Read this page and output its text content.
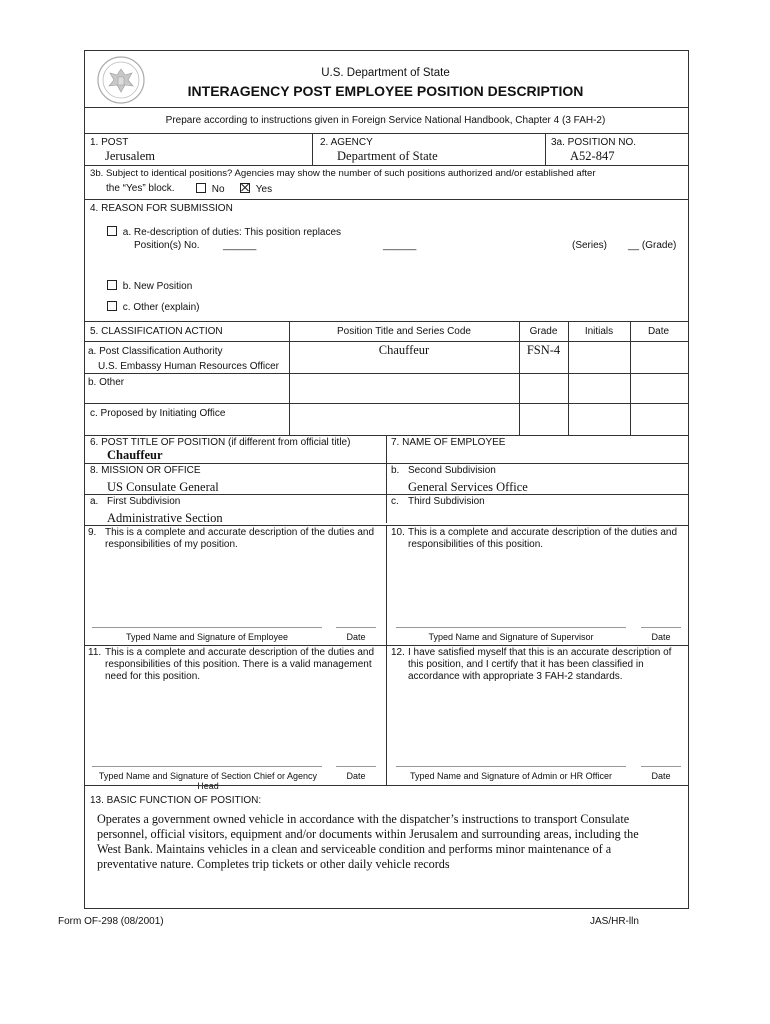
U.S. Department of State
INTERAGENCY POST EMPLOYEE POSITION DESCRIPTION
Prepare according to instructions given in Foreign Service National Handbook, Chapter 4 (3 FAH-2)
1. POST
Jerusalem
2. AGENCY
Department of State
3a. POSITION NO.
A52-847
3b. Subject to identical positions? Agencies may show the number of such positions authorized and/or established after
the “Yes” block.	No	Yes
4. REASON FOR SUBMISSION
a. Re-description of duties: This position replaces
Position(s) No. ______	______	(Series) __ (Grade)
b. New Position
c. Other (explain)
5. CLASSIFICATION ACTION	Position Title and Series Code	Grade	Initials	Date
a. Post Classification Authority
U.S. Embassy Human Resources Officer
Chauffeur	FSN-4
b. Other
c. Proposed by Initiating Office
6. POST TITLE OF POSITION (if different from official title)
Chauffeur
7. NAME OF EMPLOYEE
8. MISSION OR OFFICE
US Consulate General
b. Second Subdivision
General Services Office
a. First Subdivision
Administrative Section
c. Third Subdivision
9. This is a complete and accurate description of the duties and
responsibilities of my position.
10. This is a complete and accurate description of the duties and
responsibilities of this position.
Typed Name and Signature of Employee	Date	Typed Name and Signature of Supervisor	Date
11. This is a complete and accurate description of the duties and
responsibilities of this position. There is a valid management
need for this position.
12. I have satisfied myself that this is an accurate description of
this position, and I certify that it has been classified in
accordance with appropriate 3 FAH-2 standards.
Typed Name and Signature of Section Chief or Agency Head
Date	Typed Name and Signature of Admin or HR Officer	Date
13. BASIC FUNCTION OF POSITION:
Operates a government owned vehicle in accordance with the dispatcher’s instructions to transport Consulate
personnel, official visitors, equipment and/or documents within Jerusalem and surrounding areas, including the
West Bank. Maintains vehicles in a clean and serviceable condition and performs minor maintenance of a
preventative nature. Completes trip tickets or other daily vehicle records
Form OF-298 (08/2001)	JAS/HR-lln
